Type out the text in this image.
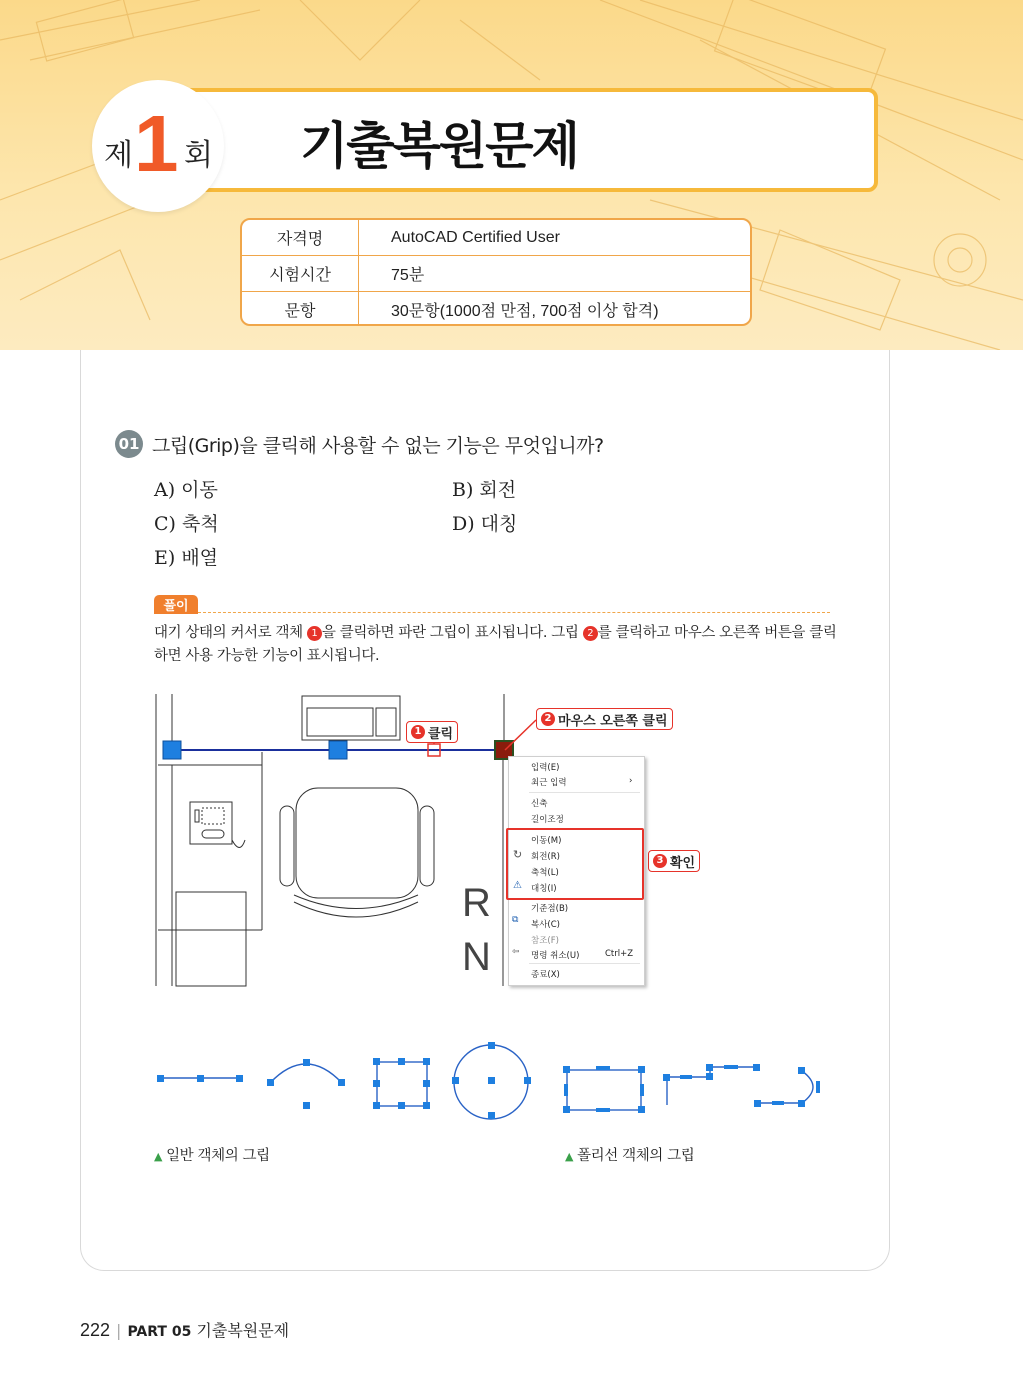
기출복원문제
제 1 회
자격명	AutoCAD Certified User
시험시간	75분
문항	30문항(1000점 만점, 700점 이상 합격)
01 그립(Grip)을 클릭해 사용할 수 없는 기능은 무엇입니까?
A) 이동	B) 회전
C) 축척	D) 대칭
E) 배열
풀이
대기 상태의 커서로 객체 1 을 클릭하면 파란 그립이 표시됩니다. 그립 2 를 클릭하고 마우스 오른쪽 버튼을 클릭하면 사용 가능한 기능이 표시됩니다.
R
N
1 클릭
2 마우스 오른쪽 클릭
3 확인
입력(E)
최근 입력	›
신축
길이조정
이동(M)
↻ 회전(R)
축척(L)
⚠ 대칭(I)
기준점(B)
⧉ 복사(C)
참조(F)
⇦ 명령 취소(U)	Ctrl+Z
종료(X)
▲ 일반 객체의 그립	▲ 폴리선 객체의 그립
222 | PART 05 기출복원문제
